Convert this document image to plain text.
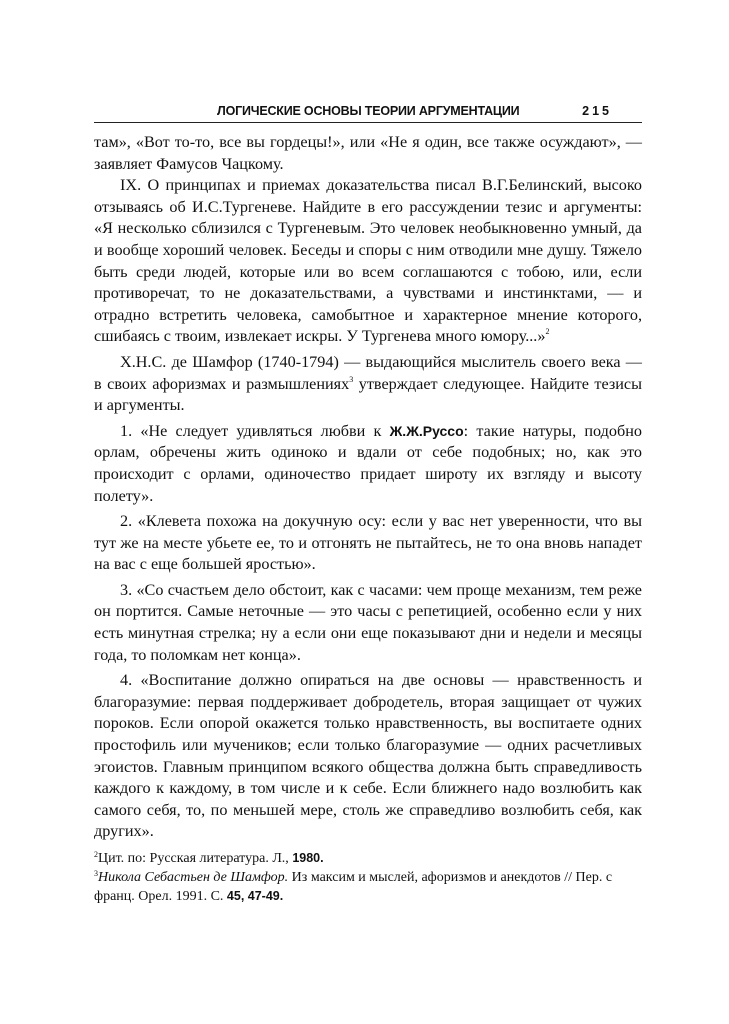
ЛОГИЧЕСКИЕ ОСНОВЫ ТЕОРИИ АРГУМЕНТАЦИИ	215

там», «Вот то-то, все вы гордецы!», или «Не я один, все также осуждают», — заявляет Фамусов Чацкому.

IX. О принципах и приемах доказательства писал В.Г.Белинский, высоко отзываясь об И.С.Тургеневе. Найдите в его рассуждении тезис и аргументы: «Я несколько сблизился с Тургеневым. Это человек необыкновенно умный, да и вообще хороший человек. Беседы и споры с ним отводили мне душу. Тяжело быть среди людей, которые или во всем соглашаются с тобою, или, если противоречат, то не доказательствами, а чувствами и инстинктами, — и отрадно встретить человека, самобытное и характерное мнение которого, сшибаясь с твоим, извлекает искры. У Тургенева много юмору...»$^2$

X.Н.С. де Шамфор (1740-1794) — выдающийся мыслитель своего века — в своих афоризмах и размышлениях$^3$ утверждает следующее. Найдите тезисы и аргументы.

1. «Не следует удивляться любви к Ж.Ж.Руссо: такие натуры, подобно орлам, обречены жить одиноко и вдали от себе подобных; но, как это происходит с орлами, одиночество придает широту их взгляду и высоту полету».

2. «Клевета похожа на докучную осу: если у вас нет уверенности, что вы тут же на месте убьете ее, то и отгонять не пытайтесь, не то она вновь нападет на вас с еще большей яростью».

3. «Со счастьем дело обстоит, как с часами: чем проще механизм, тем реже он портится. Самые неточные — это часы с репетицией, особенно если у них есть минутная стрелка; ну а если они еще показывают дни и недели и месяцы года, то поломкам нет конца».

4. «Воспитание должно опираться на две основы — нравственность и благоразумие: первая поддерживает добродетель, вторая защищает от чужих пороков. Если опорой окажется только нравственность, вы воспитаете одних простофиль или мучеников; если только благоразумие — одних расчетливых эгоистов. Главным принципом всякого общества должна быть справедливость каждого к каждому, в том числе и к себе. Если ближнего надо возлюбить как самого себя, то, по меньшей мере, столь же справедливо возлюбить себя, как других».

$^2$Цит. по: Русская литература. Л., 1980.

$^3$Никола Себастьен де Шамфор. Из максим и мыслей, афоризмов и анекдотов // Пер. с франц. Орел. 1991. С. 45, 47-49.
